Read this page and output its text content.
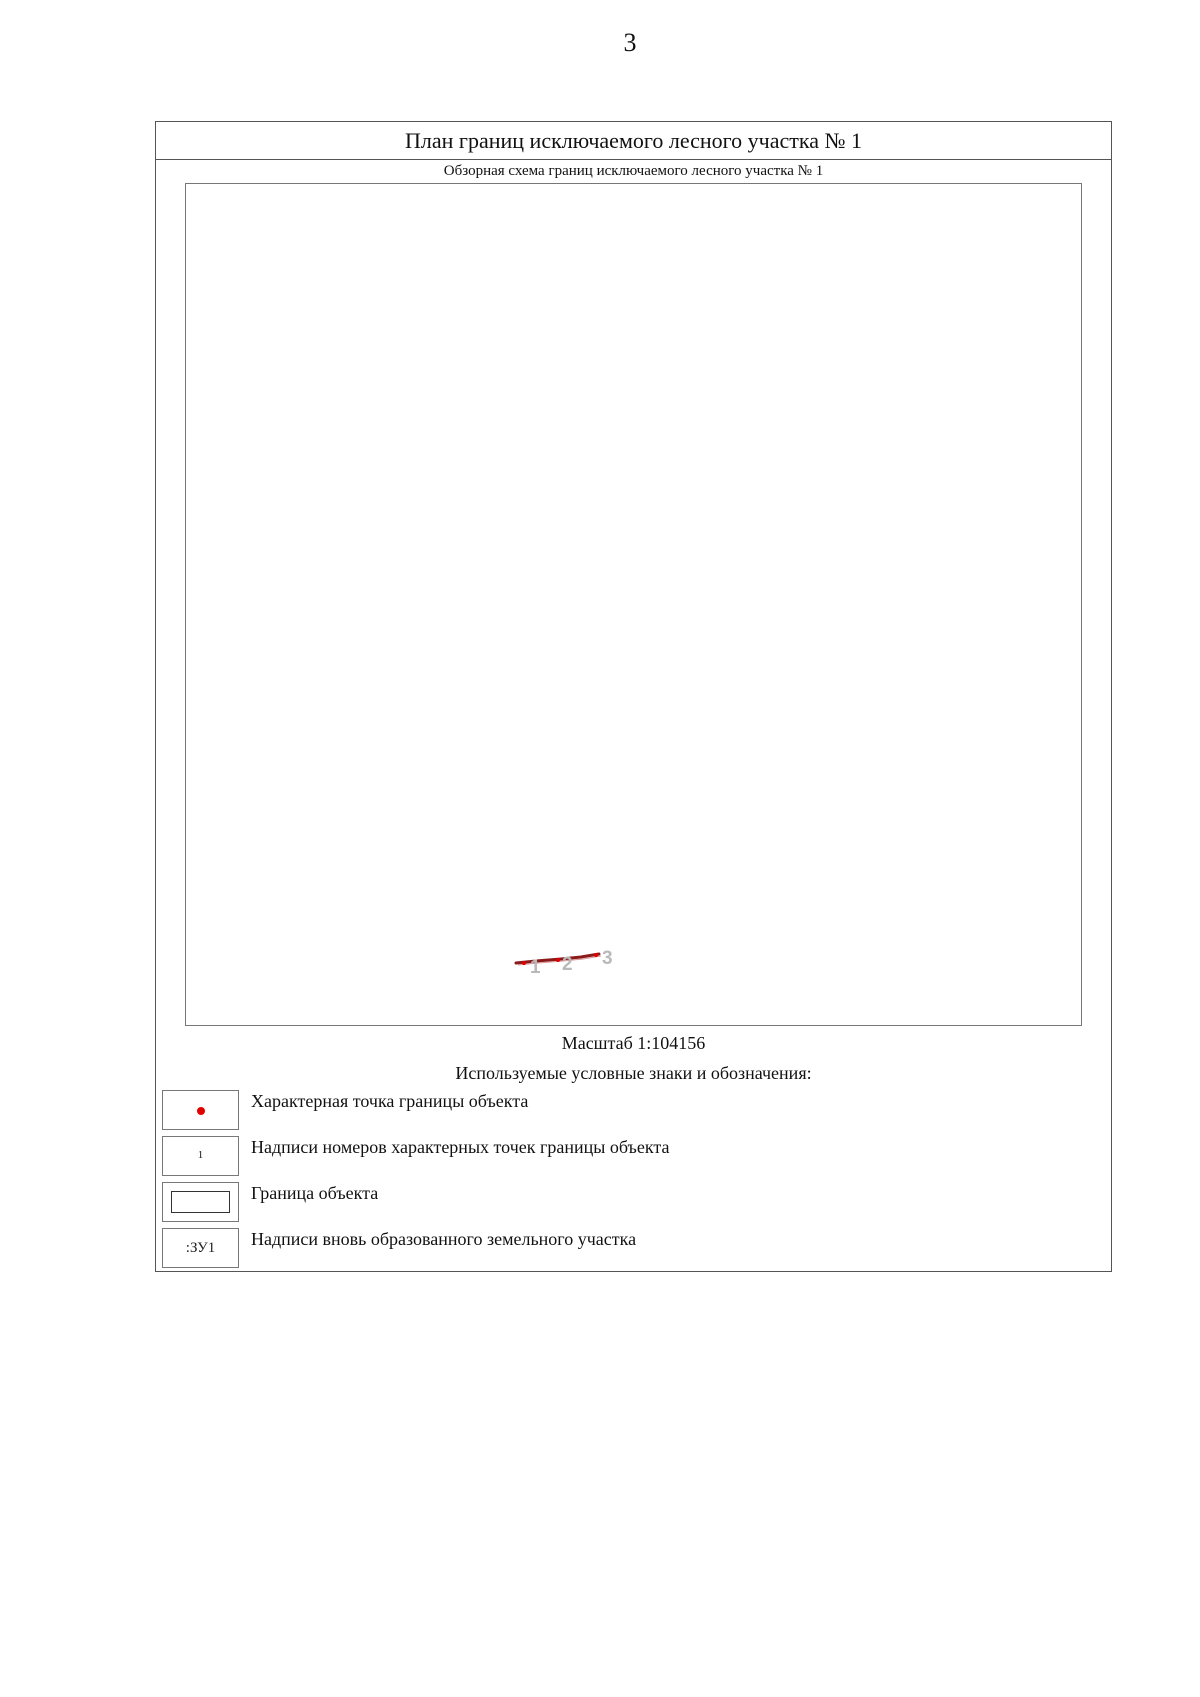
3
План границ исключаемого лесного участка № 1
Обзорная схема границ исключаемого лесного участка № 1
1 2 3
Масштаб 1:104156
Используемые условные знаки и обозначения:
Характерная точка границы объекта
1	Надписи номеров характерных точек границы объекта
Граница объекта
:ЗУ1	Надписи вновь образованного земельного участка
